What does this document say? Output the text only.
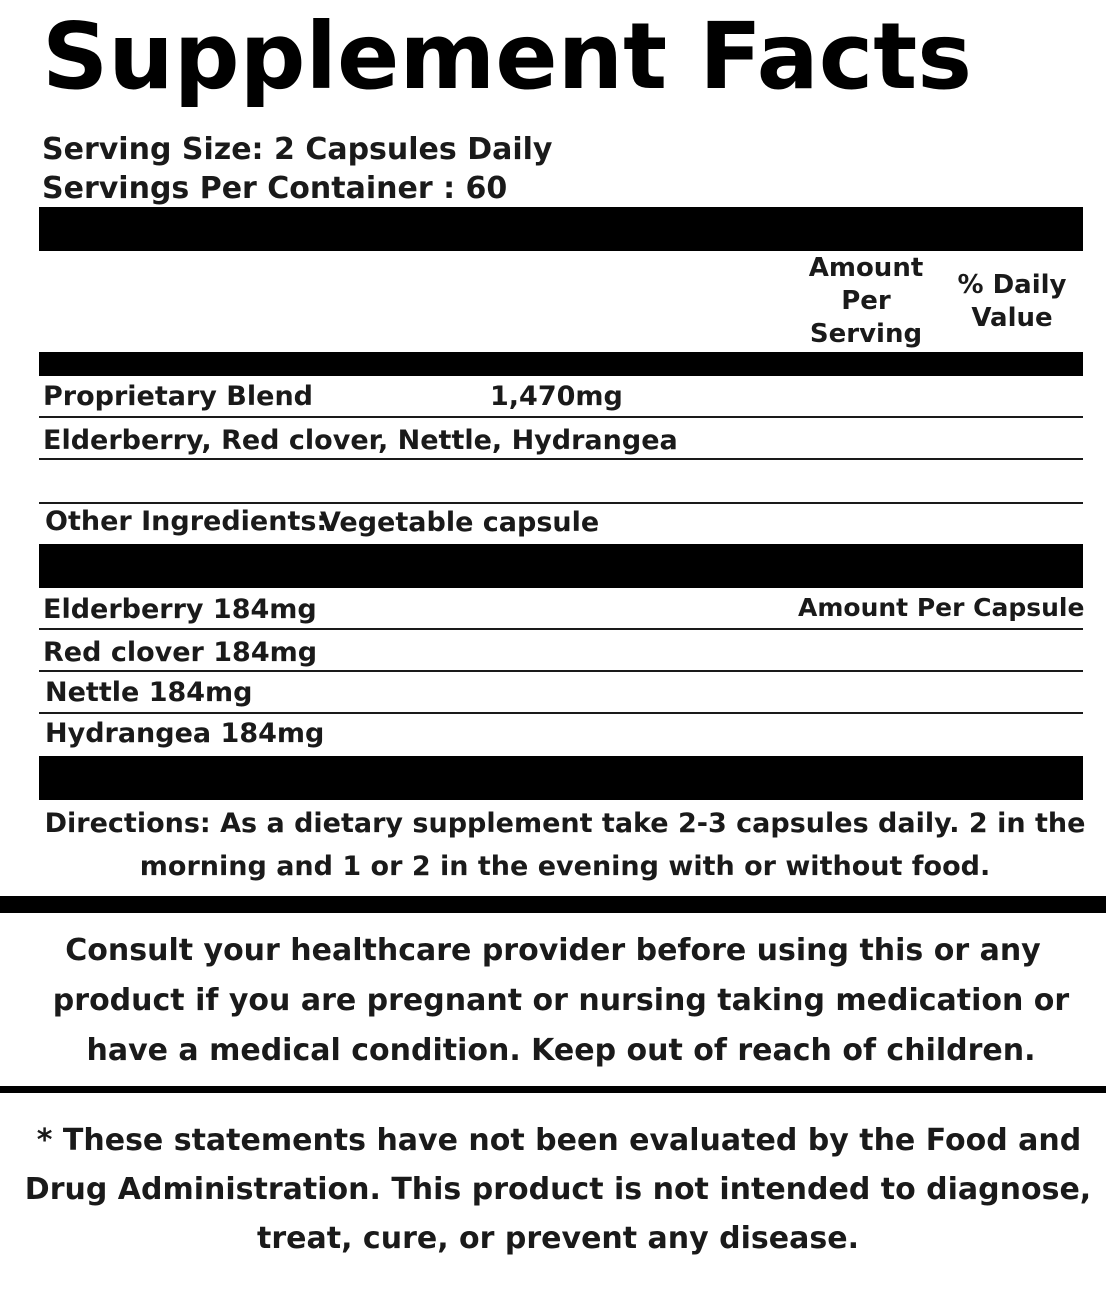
Supplement Facts
Serving Size: 2 Capsules Daily
Servings Per Container : 60
Amount
Per
Serving
% Daily
Value
Proprietary Blend	1,470mg
Elderberry, Red clover, Nettle, Hydrangea
Other Ingredients:
Vegetable capsule
Amount Per Capsule
Elderberry 184mg
Red clover 184mg
Nettle 184mg
Hydrangea 184mg
Directions: As a dietary supplement take 2-3 capsules daily. 2 in the
morning and 1 or 2 in the evening with or without food.
Consult your healthcare provider before using this or any
product if you are pregnant or nursing taking medication or
have a medical condition. Keep out of reach of children.
* These statements have not been evaluated by the Food and
Drug Administration. This product is not intended to diagnose,
treat, cure, or prevent any disease.
